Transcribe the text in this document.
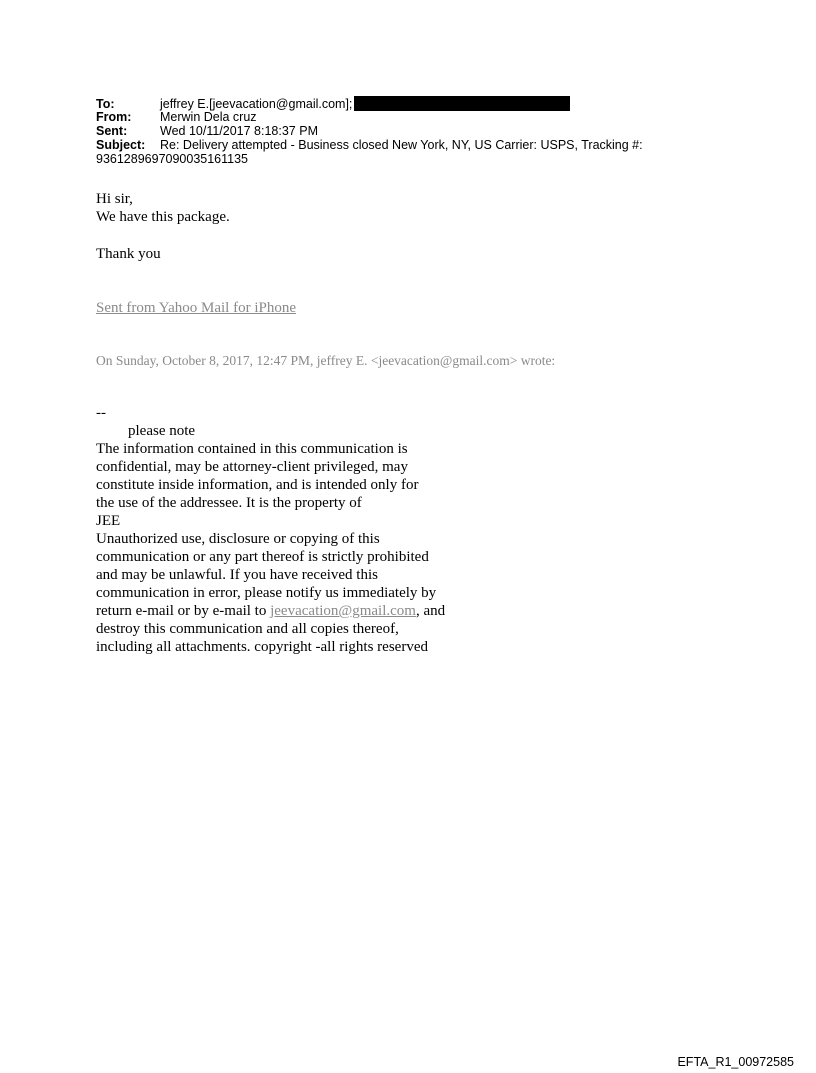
To:	jeffrey E.[jeevacation@gmail.com];
From: Merwin Dela cruz
Sent:	Wed 10/11/2017 8:18:37 PM
Subject: Re: Delivery attempted - Business closed New York, NY, US Carrier: USPS, Tracking #:
9361289697090035161135
Hi sir,
We have this package.
Thank you
Sent from Yahoo Mail for iPhone
On Sunday, October 8, 2017, 12:47 PM, jeffrey E. <jeevacation@gmail.com> wrote:
--
please note
The information contained in this communication is
confidential, may be attorney-client privileged, may
constitute inside information, and is intended only for
the use of the addressee. It is the property of
JEE
Unauthorized use, disclosure or copying of this
communication or any part thereof is strictly prohibited
and may be unlawful. If you have received this
communication in error, please notify us immediately by
return e-mail or by e-mail to jeevacation@gmail.com, and
destroy this communication and all copies thereof,
including all attachments. copyright -all rights reserved
EFTA_R1_00972585
